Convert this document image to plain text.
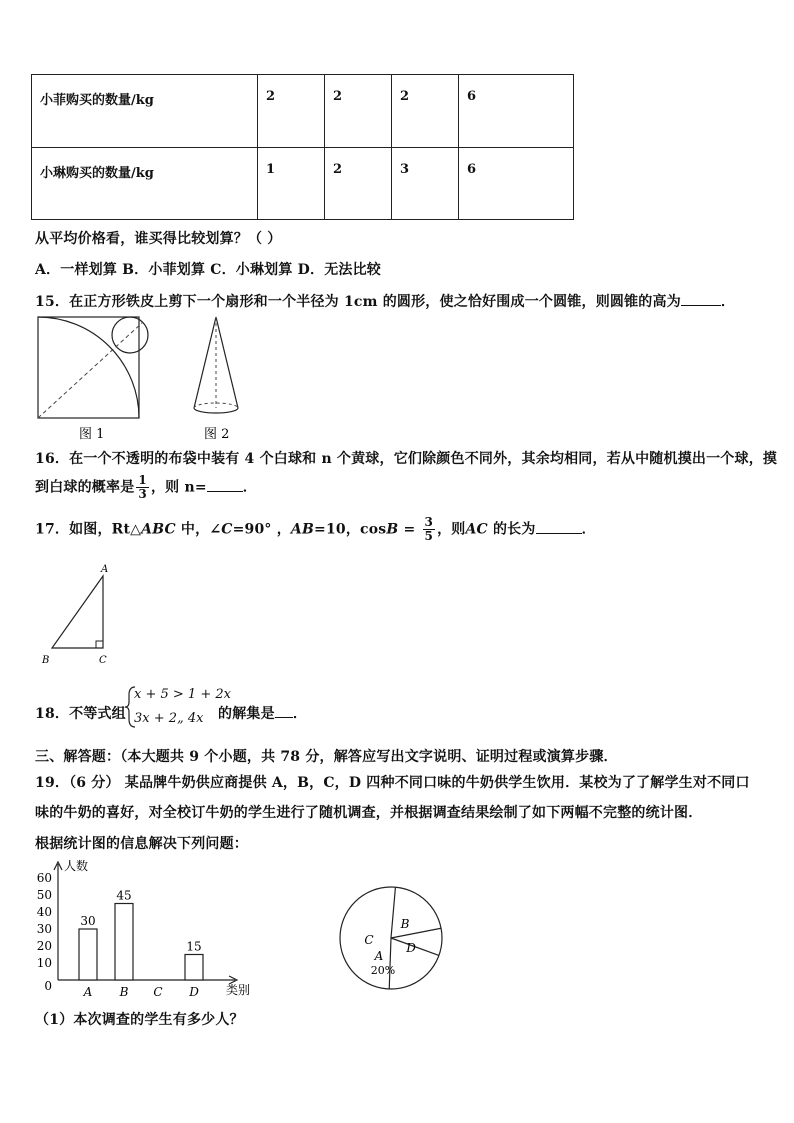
小菲购买的数量/kg	2	2	2	6
小琳购买的数量/kg	1	2	3	6
从平均价格看，谁买得比较划算？（ ）
A．一样划算 B．小菲划算 C．小琳划算 D．无法比较
15．在正方形铁皮上剪下一个扇形和一个半径为 1cm 的圆形，使之恰好围成一个圆锥，则圆锥的高为	．
图 1	图 2
16．在一个不透明的布袋中装有 4 个白球和 n 个黄球，它们除颜色不同外，其余均相同，若从中随机摸出一个球，摸
到白球的概率是 $\frac{1}{3}$ ，则 n=	．
17．如图，Rt△ABC 中，∠C=90° ，AB=10，$\cos B = \frac{3}{5}$ ，则AC 的长为	．
A
B	C
18．不等式组
x + 5 > 1 + 2x
3x + 2„ 4x 的解集是 ．
三、解答题：（本大题共 9 个小题，共 78 分，解答应写出文字说明、证明过程或演算步骤．
19．（6 分） 某品牌牛奶供应商提供 A，B，C，D 四种不同口味的牛奶供学生饮用．某校为了了解学生对不同口
味的牛奶的喜好，对全校订牛奶的学生进行了随机调查，并根据调查结果绘制了如下两幅不完整的统计图．
根据统计图的信息解决下列问题：
人数
类别
0
10
20
30
40
50
60
30
A
45
B C
15
D
A
B
C
D
20%
（1）本次调查的学生有多少人？
